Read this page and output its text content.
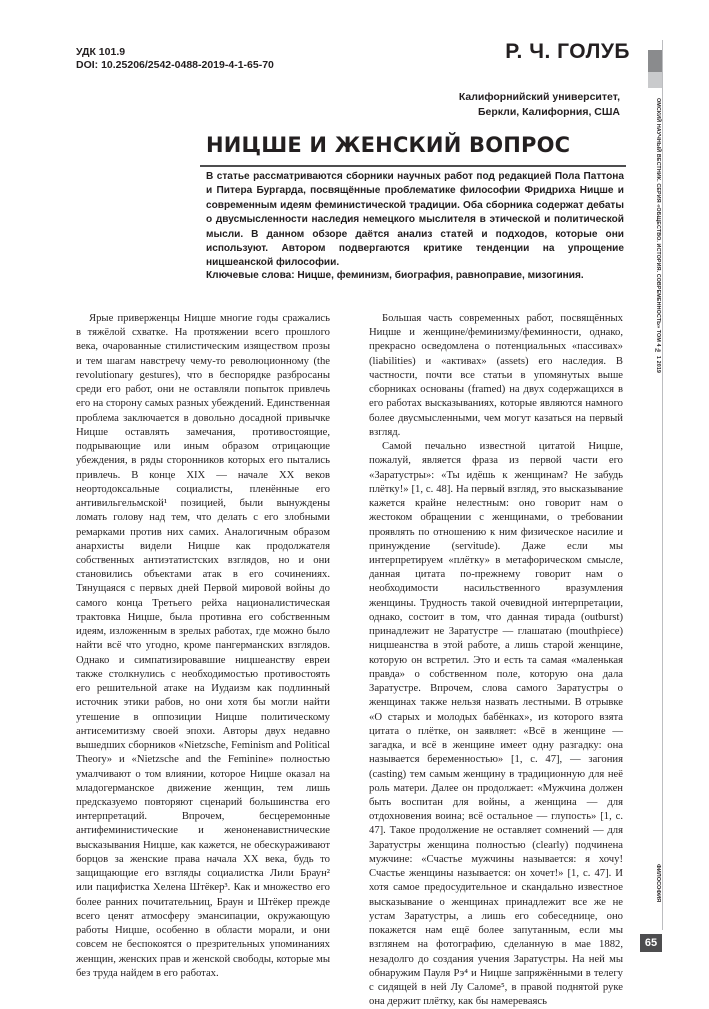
УДК 101.9
DOI: 10.25206/2542-0488-2019-4-1-65-70
Р. Ч. ГОЛУБ
Калифорнийский университет,
Беркли, Калифорния, США
НИЦШЕ И ЖЕНСКИЙ ВОПРОС
В статье рассматриваются сборники научных работ под редакцией Пола Паттона и Питера Бургарда, посвящённые проблематике философии Фридриха Ницше и современным идеям феминистической традиции. Оба сборника содержат дебаты о двусмысленности наследия немецкого мыслителя в этической и политической мысли. В данном обзоре даётся анализ статей и подходов, которые они используют. Автором подвергаются критике тенденции на упрощение ницшеанской философии.
Ключевые слова: Ницше, феминизм, биография, равноправие, мизогиния.

Ярые приверженцы Ницше многие годы сражались в тяжёлой схватке. На протяжении всего прошлого века, очарованные стилистическим изяществом прозы и тем шагам навстречу чему-то революционному (the revolutionary gestures), что в беспорядке разбросаны среди его работ, они не оставляли попыток привлечь его на сторону самых разных убеждений. Единственная проблема заключается в довольно досадной привычке Ницше оставлять замечания, противостоящие, подрывающие или иным образом отрицающие убеждения, в ряды сторонников которых его пытались привлечь. В конце XIX — начале XX веков неортодоксальные социалисты, пленённые его антивильгельмской¹ позицией, были вынуждены ломать голову над тем, что делать с его злобными ремарками против них самих. Аналогичным образом анархисты видели Ницше как продолжателя собственных антиэтатистских взглядов, но и они становились объектами атак в его сочинениях. Тянущаяся с первых дней Первой мировой войны до самого конца Третьего рейха националистическая трактовка Ницше, была противна его собственным идеям, изложенным в зрелых работах, где можно было найти всё что угодно, кроме пангерманских взглядов. Однако и симпатизировавшие ницшеанству евреи также столкнулись с необходимостью противостоять его решительной атаке на Иудаизм как подлинный источник этики рабов, но они хотя бы могли найти утешение в оппозиции Ницше политическому антисемитизму своей эпохи. Авторы двух недавно вышедших сборников «Nietzsche, Feminism and Political Theory» и «Nietzsche and the Feminine» полностью умалчивают о том влиянии, которое Ницше оказал на младогерманское движение женщин, тем лишь предсказуемо повторяют сценарий большинства его интерпретаций. Впрочем, бесцеремонные антифеминистические и женоненавистнические высказывания Ницше, как кажется, не обескураживают борцов за женские права начала XX века, будь то защищающие его взгляды социалистка Лили Браун² или пацифистка Хелена Штёкер³. Как и множество его более ранних почитательниц, Браун и Штёкер прежде всего ценят атмосферу эмансипации, окружающую работы Ницше, особенно в области морали, и они совсем не беспокоятся о презрительных упоминаниях женщин, женских прав и женской свободы, которые мы без труда найдем в его работах.

Большая часть современных работ, посвящённых Ницше и женщине/феминизму/феминности, однако, прекрасно осведомлена о потенциальных «пассивах» (liabilities) и «активах» (assets) его наследия. В частности, почти все статьи в упомянутых выше сборниках основаны (framed) на двух содержащихся в его работах высказываниях, которые являются намного более двусмысленными, чем могут казаться на первый взгляд.

Самой печально известной цитатой Ницше, пожалуй, является фраза из первой части его «Заратустры»: «Ты идёшь к женщинам? Не забудь плётку!» [1, с. 48]. На первый взгляд, это высказывание кажется крайне нелестным: оно говорит нам о жестоком обращении с женщинами, о требовании проявлять по отношению к ним физическое насилие и принуждение (servitude). Даже если мы интерпретируем «плётку» в метафорическом смысле, данная цитата по-прежнему говорит нам о необходимости насильственного вразумления женщины. Трудность такой очевидной интерпретации, однако, состоит в том, что данная тирада (outburst) принадлежит не Заратустре — глашатаю (mouthpiece) ницшеанства в этой работе, а лишь старой женщине, которую он встретил. Это и есть та самая «маленькая правда» о собственном поле, которую она дала Заратустре. Впрочем, слова самого Заратустры о женщинах также нельзя назвать лестными. В отрывке «О старых и молодых бабёнках», из которого взята цитата о плётке, он заявляет: «Всё в женщине — загадка, и всё в женщине имеет одну разгадку: она называется беременностью» [1, с. 47], — загония (casting) тем самым женщину в традиционную для неё роль матери. Далее он продолжает: «Мужчина должен быть воспитан для войны, а женщина — для отдохновения воина; всё остальное — глупость» [1, с. 47]. Такое продолжение не оставляет сомнений — для Заратустры женщина полностью (clearly) подчинена мужчине: «Счастье мужчины называется: я хочу! Счастье женщины называется: он хочет!» [1, с. 47]. И хотя самое предосудительное и скандально известное высказывание о женщинах принадлежит все же не устам Заратустры, а лишь его собеседнице, оно покажется нам ещё более запутанным, если мы взглянем на фотографию, сделанную в мае 1882, незадолго до создания учения Заратустры. На ней мы обнаружим Пауля Рэ⁴ и Ницше запряжёнными в телегу с сидящей в ней Лу Саломе⁵, в правой поднятой руке она держит плётку, как бы намереваясь

ОМСКИЙ НАУЧНЫЙ ВЕСТНИК. СЕРИЯ «ОБЩЕСТВО. ИСТОРИЯ. СОВРЕМЕННОСТЬ» ТОМ 4 № 1 2019
ФИЛОСОФИЯ
65
